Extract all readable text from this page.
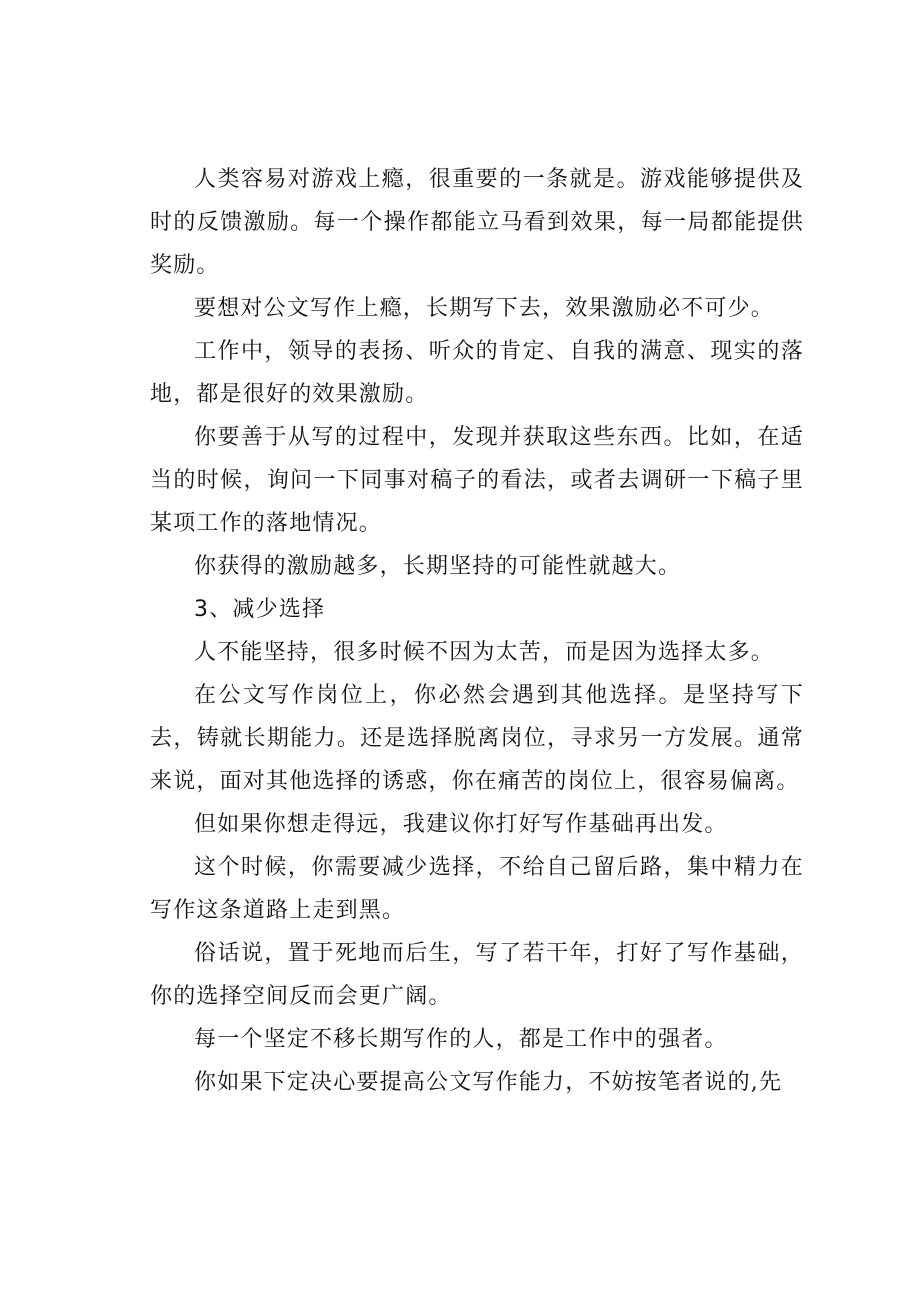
人类容易对游戏上瘾，很重要的一条就是。游戏能够提供及时的反馈激励。每一个操作都能立马看到效果，每一局都能提供奖励。

要想对公文写作上瘾，长期写下去，效果激励必不可少。

工作中，领导的表扬、听众的肯定、自我的满意、现实的落地，都是很好的效果激励。

你要善于从写的过程中，发现并获取这些东西。比如，在适当的时候，询问一下同事对稿子的看法，或者去调研一下稿子里某项工作的落地情况。

你获得的激励越多，长期坚持的可能性就越大。

3、减少选择

人不能坚持，很多时候不因为太苦，而是因为选择太多。

在公文写作岗位上，你必然会遇到其他选择。是坚持写下去，铸就长期能力。还是选择脱离岗位，寻求另一方发展。通常来说，面对其他选择的诱惑，你在痛苦的岗位上，很容易偏离。

但如果你想走得远，我建议你打好写作基础再出发。

这个时候，你需要减少选择，不给自己留后路，集中精力在写作这条道路上走到黑。

俗话说，置于死地而后生，写了若干年，打好了写作基础，你的选择空间反而会更广阔。

每一个坚定不移长期写作的人，都是工作中的强者。

你如果下定决心要提高公文写作能力，不妨按笔者说的,先
